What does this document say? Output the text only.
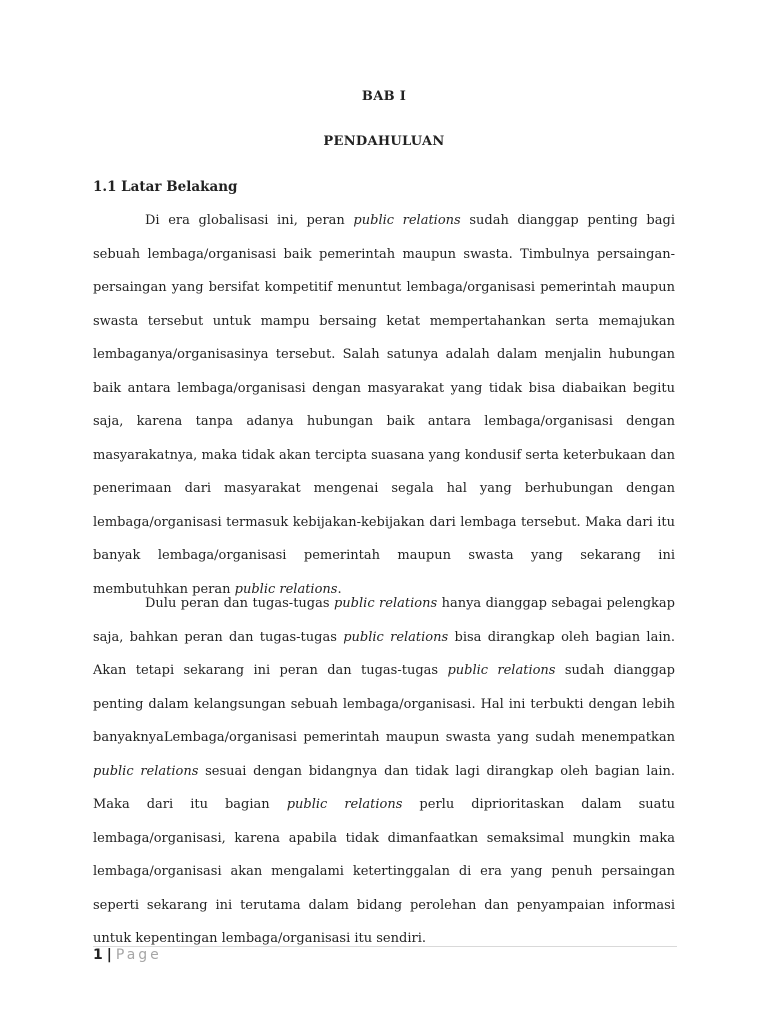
BAB I
PENDAHULUAN
1.1 Latar Belakang

Di era globalisasi ini, peran public relations sudah dianggap penting bagi sebuah lembaga/organisasi baik pemerintah maupun swasta. Timbulnya persaingan-persaingan yang bersifat kompetitif menuntut lembaga/organisasi pemerintah maupun swasta tersebut untuk mampu bersaing ketat mempertahankan serta memajukan lembaganya/organisasinya tersebut. Salah satunya adalah dalam menjalin hubungan baik antara lembaga/organisasi dengan masyarakat yang tidak bisa diabaikan begitu saja, karena tanpa adanya hubungan baik antara lembaga/organisasi dengan masyarakatnya, maka tidak akan tercipta suasana yang kondusif serta keterbukaan dan penerimaan dari masyarakat mengenai segala hal yang berhubungan dengan lembaga/organisasi termasuk kebijakan-kebijakan dari lembaga tersebut. Maka dari itu banyak lembaga/organisasi pemerintah maupun swasta yang sekarang ini membutuhkan peran public relations.

Dulu peran dan tugas-tugas public relations hanya dianggap sebagai pelengkap saja, bahkan peran dan tugas-tugas public relations bisa dirangkap oleh bagian lain. Akan tetapi sekarang ini peran dan tugas-tugas public relations sudah dianggap penting dalam kelangsungan sebuah lembaga/organisasi. Hal ini terbukti dengan lebih banyaknyaLembaga/organisasi pemerintah maupun swasta yang sudah menempatkan public relations sesuai dengan bidangnya dan tidak lagi dirangkap oleh bagian lain. Maka dari itu bagian public relations perlu diprioritaskan dalam suatu lembaga/organisasi, karena apabila tidak dimanfaatkan semaksimal mungkin maka lembaga/organisasi akan mengalami ketertinggalan di era yang penuh persaingan seperti sekarang ini terutama dalam bidang perolehan dan penyampaian informasi untuk kepentingan lembaga/organisasi itu sendiri.

1 | Page
